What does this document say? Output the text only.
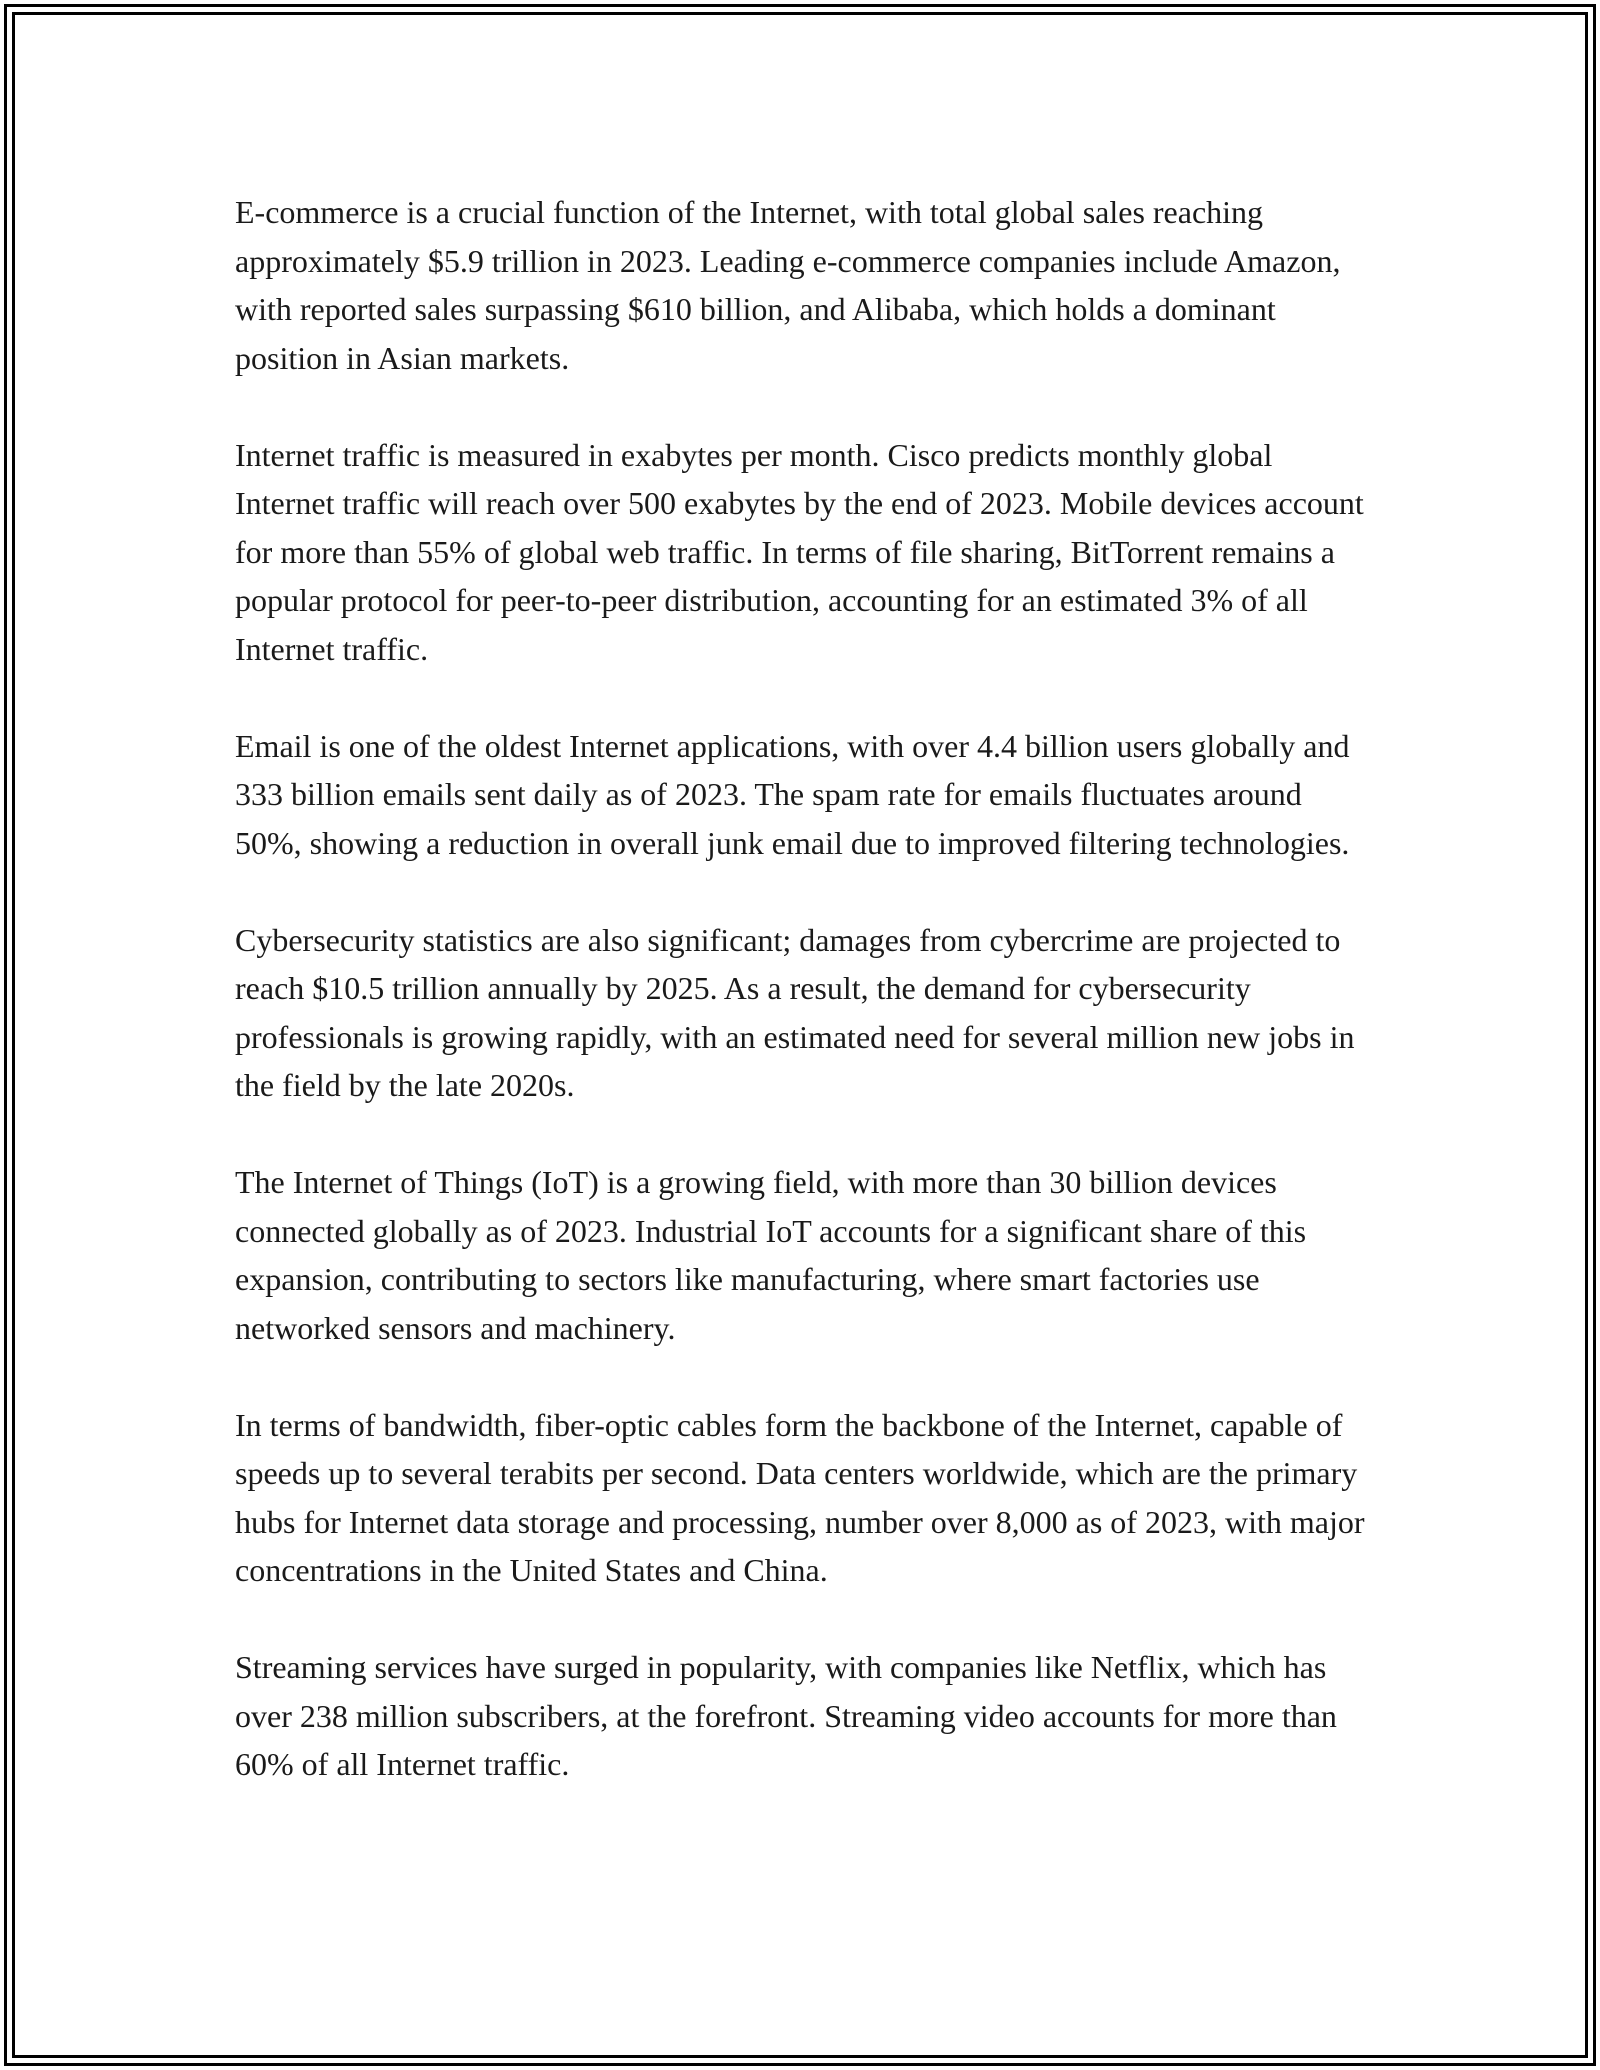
E-commerce is a crucial function of the Internet, with total global sales reaching approximately $5.9 trillion in 2023. Leading e-commerce companies include Amazon, with reported sales surpassing $610 billion, and Alibaba, which holds a dominant position in Asian markets.

Internet traffic is measured in exabytes per month. Cisco predicts monthly global Internet traffic will reach over 500 exabytes by the end of 2023. Mobile devices account for more than 55% of global web traffic. In terms of file sharing, BitTorrent remains a popular protocol for peer-to-peer distribution, accounting for an estimated 3% of all Internet traffic.

Email is one of the oldest Internet applications, with over 4.4 billion users globally and 333 billion emails sent daily as of 2023. The spam rate for emails fluctuates around 50%, showing a reduction in overall junk email due to improved filtering technologies.

Cybersecurity statistics are also significant; damages from cybercrime are projected to reach $10.5 trillion annually by 2025. As a result, the demand for cybersecurity professionals is growing rapidly, with an estimated need for several million new jobs in the field by the late 2020s.

The Internet of Things (IoT) is a growing field, with more than 30 billion devices connected globally as of 2023. Industrial IoT accounts for a significant share of this expansion, contributing to sectors like manufacturing, where smart factories use networked sensors and machinery.

In terms of bandwidth, fiber-optic cables form the backbone of the Internet, capable of speeds up to several terabits per second. Data centers worldwide, which are the primary hubs for Internet data storage and processing, number over 8,000 as of 2023, with major concentrations in the United States and China.

Streaming services have surged in popularity, with companies like Netflix, which has over 238 million subscribers, at the forefront. Streaming video accounts for more than 60% of all Internet traffic.
